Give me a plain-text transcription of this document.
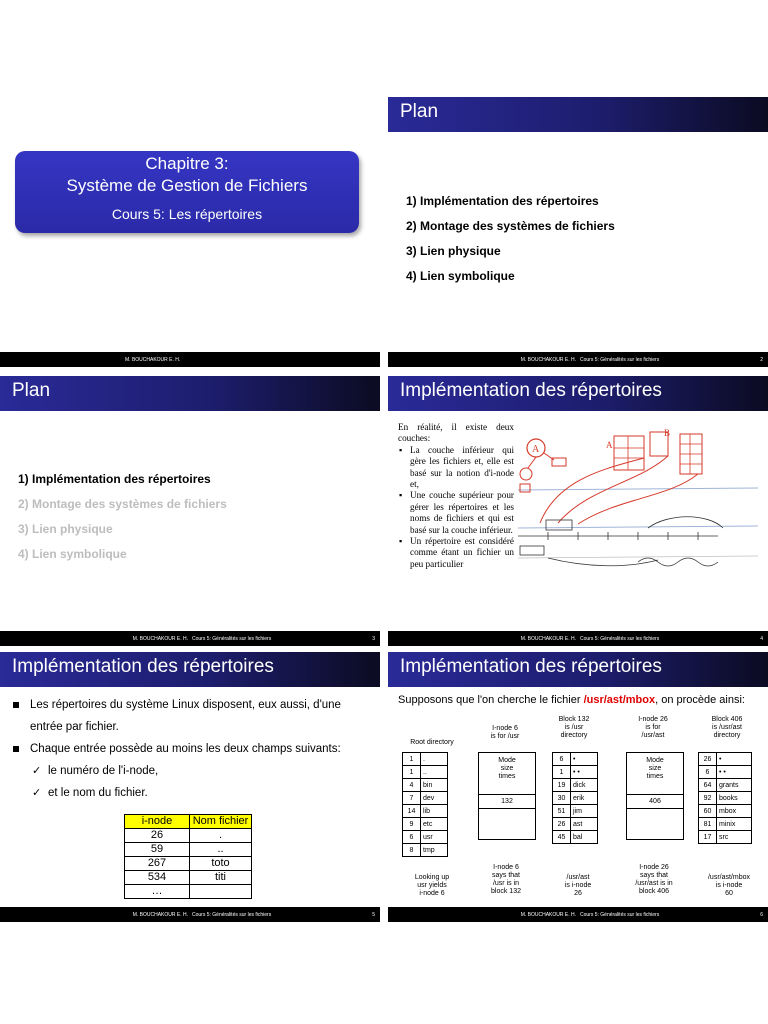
Chapitre 3:
Système de Gestion de Fichiers
Cours 5: Les répertoires
M. BOUCHAKOUR E. H.
Plan
1) Implémentation des répertoires
2) Montage des systèmes de fichiers
3) Lien physique
4) Lien symbolique
M. BOUCHAKOUR E. H. Cours 5: Généralités sur les fichiers	2
Plan
1) Implémentation des répertoires
2) Montage des systèmes de fichiers
3) Lien physique
4) Lien symbolique
M. BOUCHAKOUR E. H. Cours 5: Généralités sur les fichiers	3
Implémentation des répertoires
En réalité, il existe deux couches:
▪ La couche inférieur qui gère les fichiers et, elle est basé sur la notion d'i-node et,
▪ Une couche supérieur pour gérer les répertoires et les noms de fichiers et qui est basé sur la couche inférieur.
▪ Un répertoire est considéré comme étant un fichier un peu particulier
A	A
B
M. BOUCHAKOUR E. H. Cours 5: Généralités sur les fichiers	4
Implémentation des répertoires
Les répertoires du système Linux disposent, eux aussi, d'une
entrée par fichier.
Chaque entrée possède au moins les deux champs suivants:
✓ le numéro de l'i-node,
✓ et le nom du fichier.
i-node	Nom fichier
26	.
59	..
267	toto
534	titi
…	
M. BOUCHAKOUR E. H. Cours 5: Généralités sur les fichiers	5
Implémentation des répertoires
Supposons que l'on cherche le fichier /usr/ast/mbox, on procède ainsi:
Root directory
1	.
1	..
4	bin
7	dev
14	lib
9	etc
6	usr
8	tmp
I-node 6
is for /usr
Mode
size
times
132
Block 132
is /usr
directory
6	•
1	• •
19	dick
30	erik
51	jim
26	ast
45	bal
I-node 26
is for
/usr/ast
Mode
size
times
406
Block 406
is /usr/ast
directory
26	•
6	• •
64	grants
92	books
60	mbox
81	minix
17	src
Looking up
usr yields
i-node 6
I-node 6
says that
/usr is in
block 132
/usr/ast
is i-node
26
I-node 26
says that
/usr/ast is in
block 406
/usr/ast/mbox
is i-node
60
M. BOUCHAKOUR E. H. Cours 5: Généralités sur les fichiers	6
